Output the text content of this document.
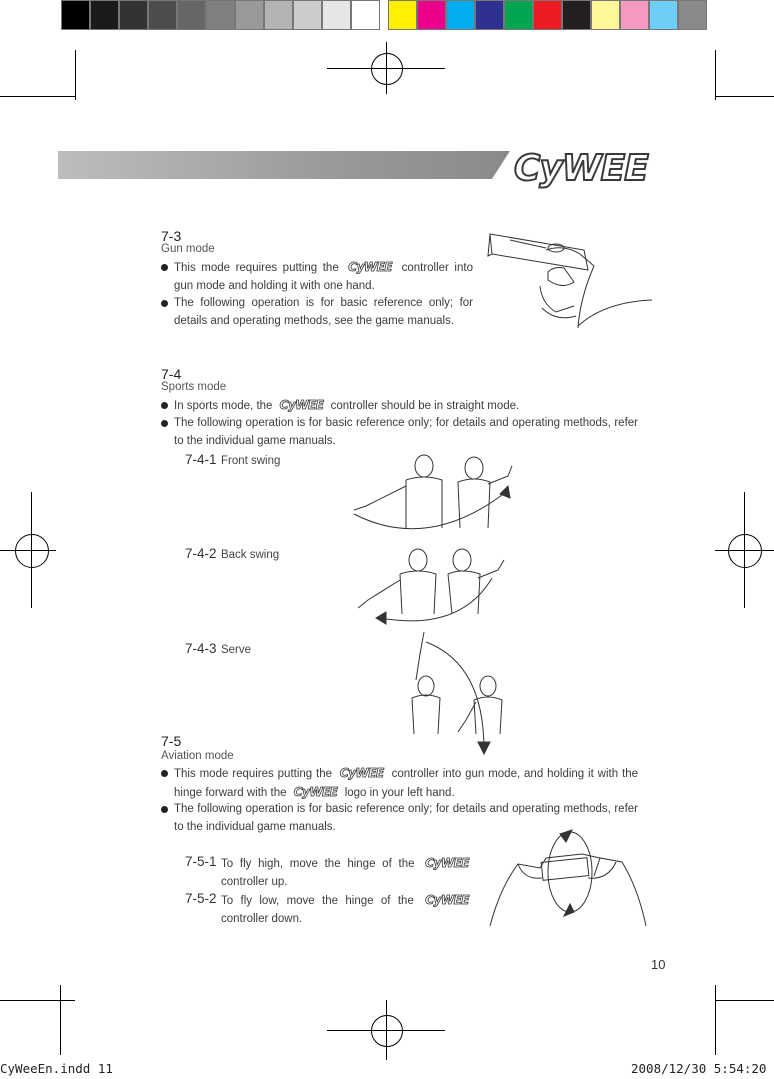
CyWEE
7-3
Gun mode
This mode requires putting the CyWEE controller into gun mode and holding it with one hand.
The following operation is for basic reference only; for details and operating methods, see the game manuals.
7-4
Sports mode
In sports mode, the CyWEE controller should be in straight mode.
The following operation is for basic reference only; for details and operating methods, refer to the individual game manuals.
7-4-1 Front swing
7-4-2 Back swing
7-4-3 Serve
7-5
Aviation mode
This mode requires putting the CyWEE controller into gun mode, and holding it with the hinge forward with the CyWEE logo in your left hand.
The following operation is for basic reference only; for details and operating methods, refer to the individual game manuals.
7-5-1 To fly high, move the hinge of the CyWEE controller up.
7-5-2 To fly low, move the hinge of the CyWEE controller down.
10
CyWeeEn.indd 11	2008/12/30 5:54:20
